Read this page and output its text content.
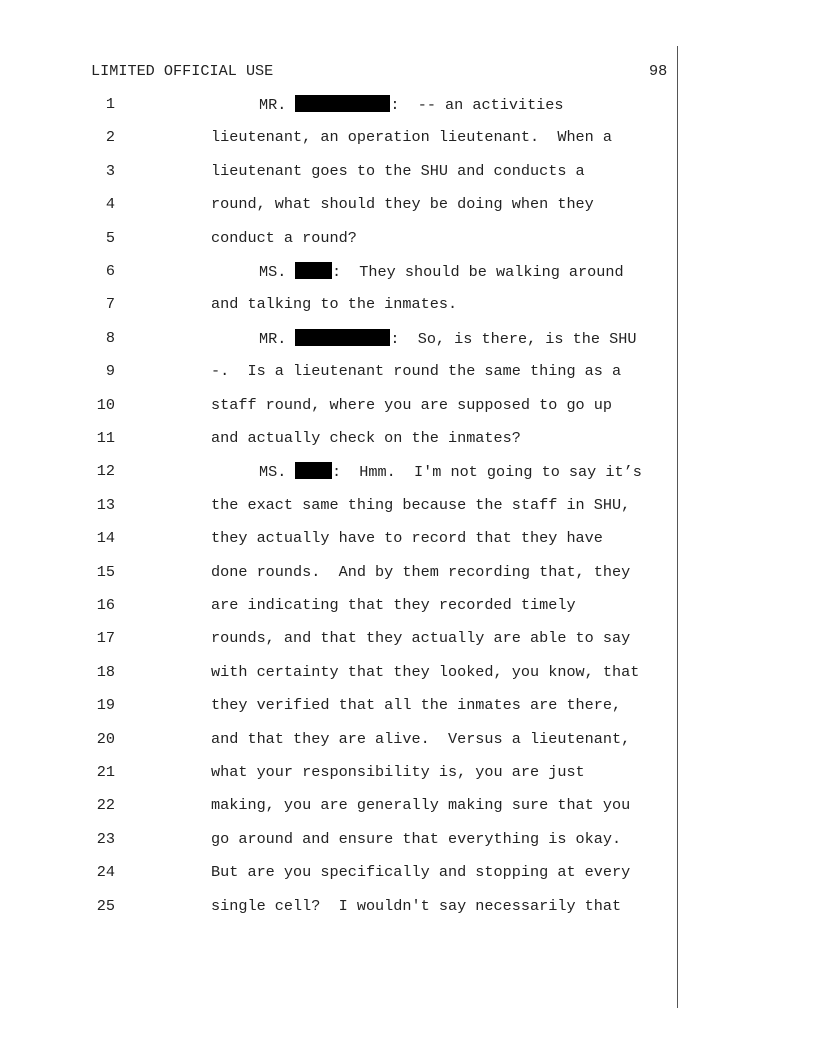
LIMITED OFFICIAL USE	98
1	MR.	:  -- an activities
2	lieutenant, an operation lieutenant.  When a
3	lieutenant goes to the SHU and conducts a
4	round, what should they be doing when they
5	conduct a round?
6	MS. :  They should be walking around
7	and talking to the inmates.
8	MR.	:  So, is there, is the SHU
9	-.  Is a lieutenant round the same thing as a
10	staff round, where you are supposed to go up
11	and actually check on the inmates?
12	MS. :  Hmm.  I'm not going to say it’s
13	the exact same thing because the staff in SHU,
14	they actually have to record that they have
15	done rounds.  And by them recording that, they
16	are indicating that they recorded timely
17	rounds, and that they actually are able to say
18	with certainty that they looked, you know, that
19	they verified that all the inmates are there,
20	and that they are alive.  Versus a lieutenant,
21	what your responsibility is, you are just
22	making, you are generally making sure that you
23	go around and ensure that everything is okay.
24	But are you specifically and stopping at every
25	single cell?  I wouldn't say necessarily that
